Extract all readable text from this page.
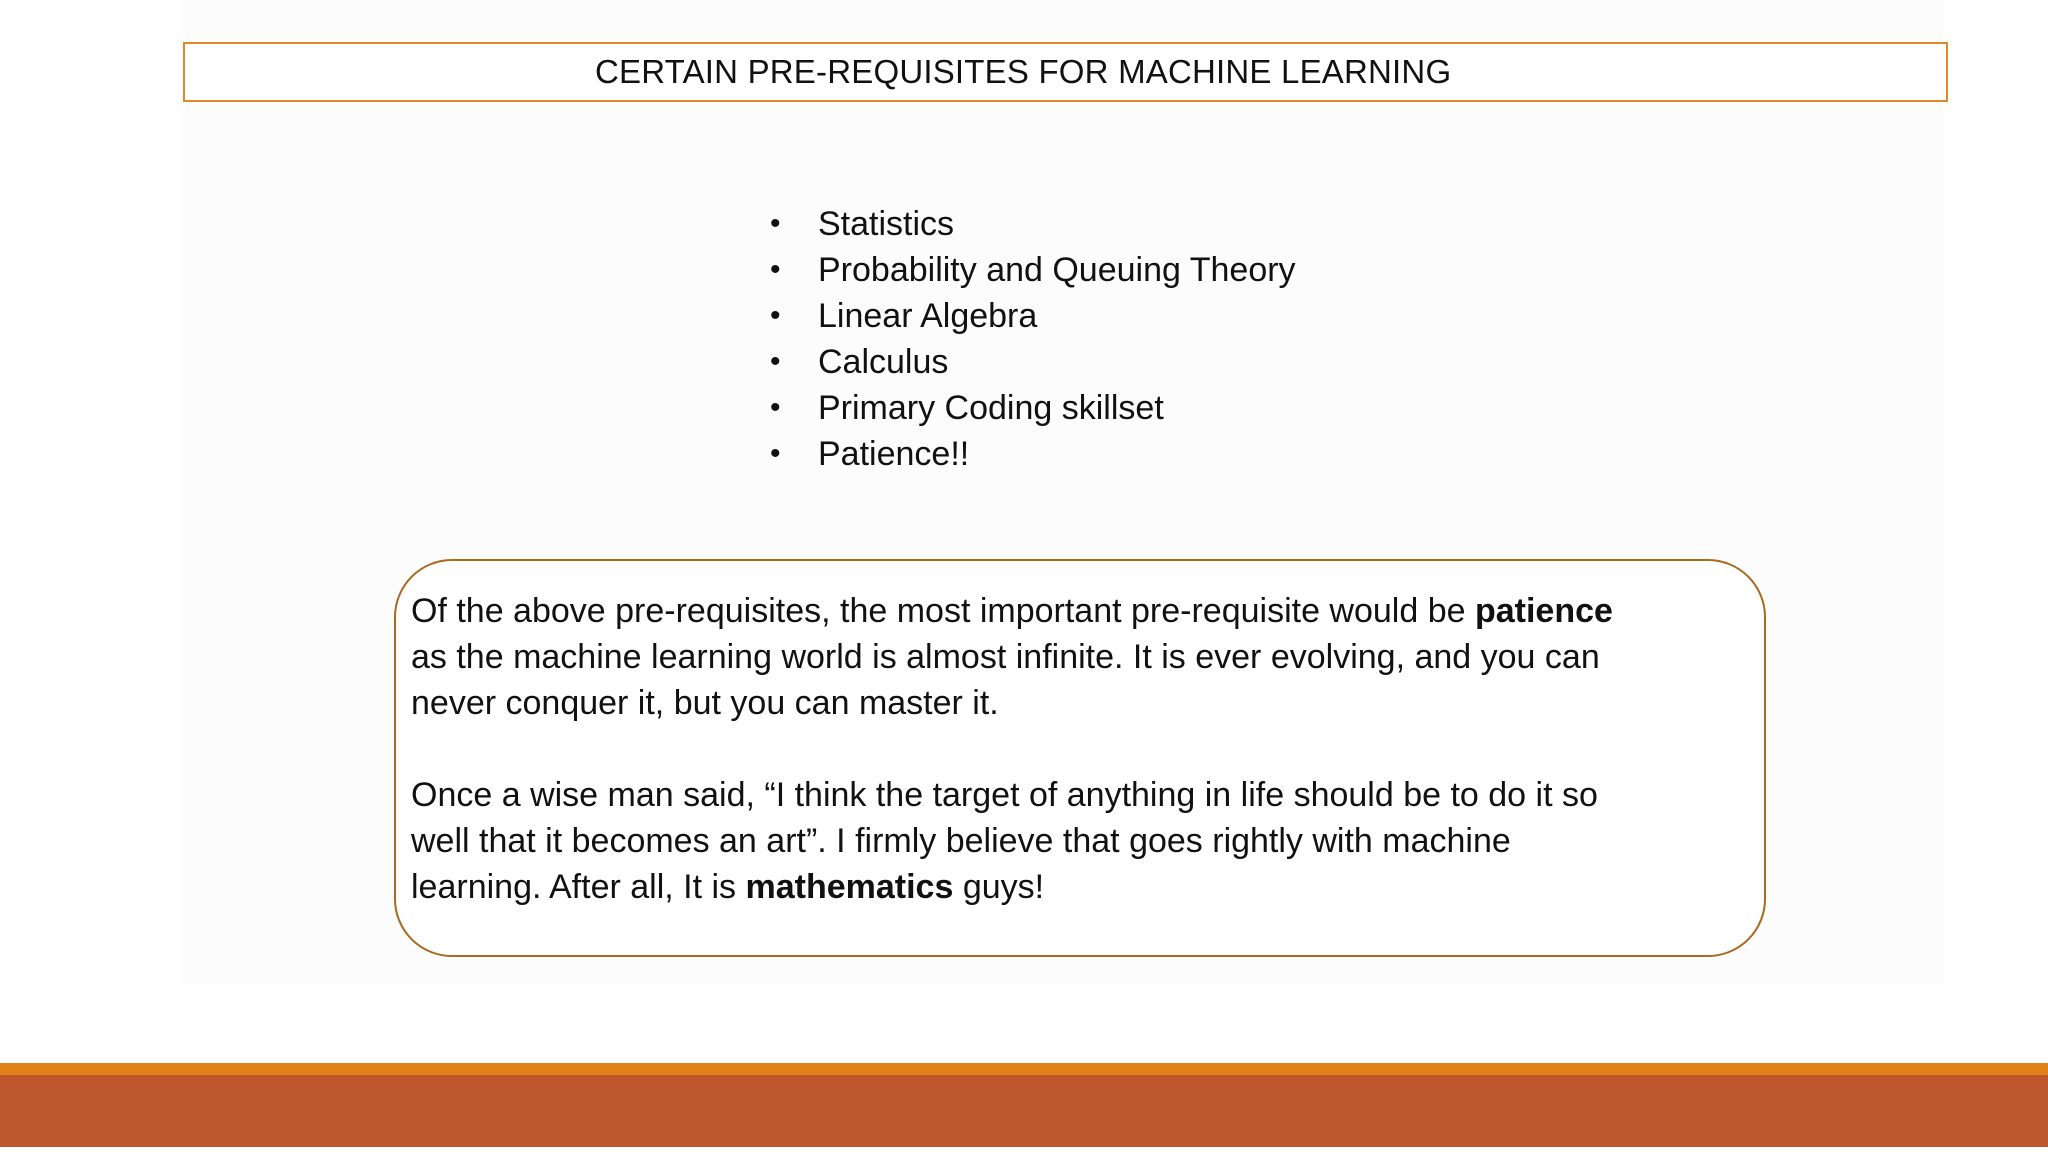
CERTAIN PRE-REQUISITES FOR MACHINE LEARNING
• Statistics
• Probability and Queuing Theory
• Linear Algebra
• Calculus
• Primary Coding skillset
• Patience!!

Of the above pre-requisites, the most important pre-requisite would be patience

as the machine learning world is almost infinite. It is ever evolving, and you can

never conquer it, but you can master it.

Once a wise man said, “I think the target of anything in life should be to do it so

well that it becomes an art”. I firmly believe that goes rightly with machine

learning. After all, It is mathematics guys!
